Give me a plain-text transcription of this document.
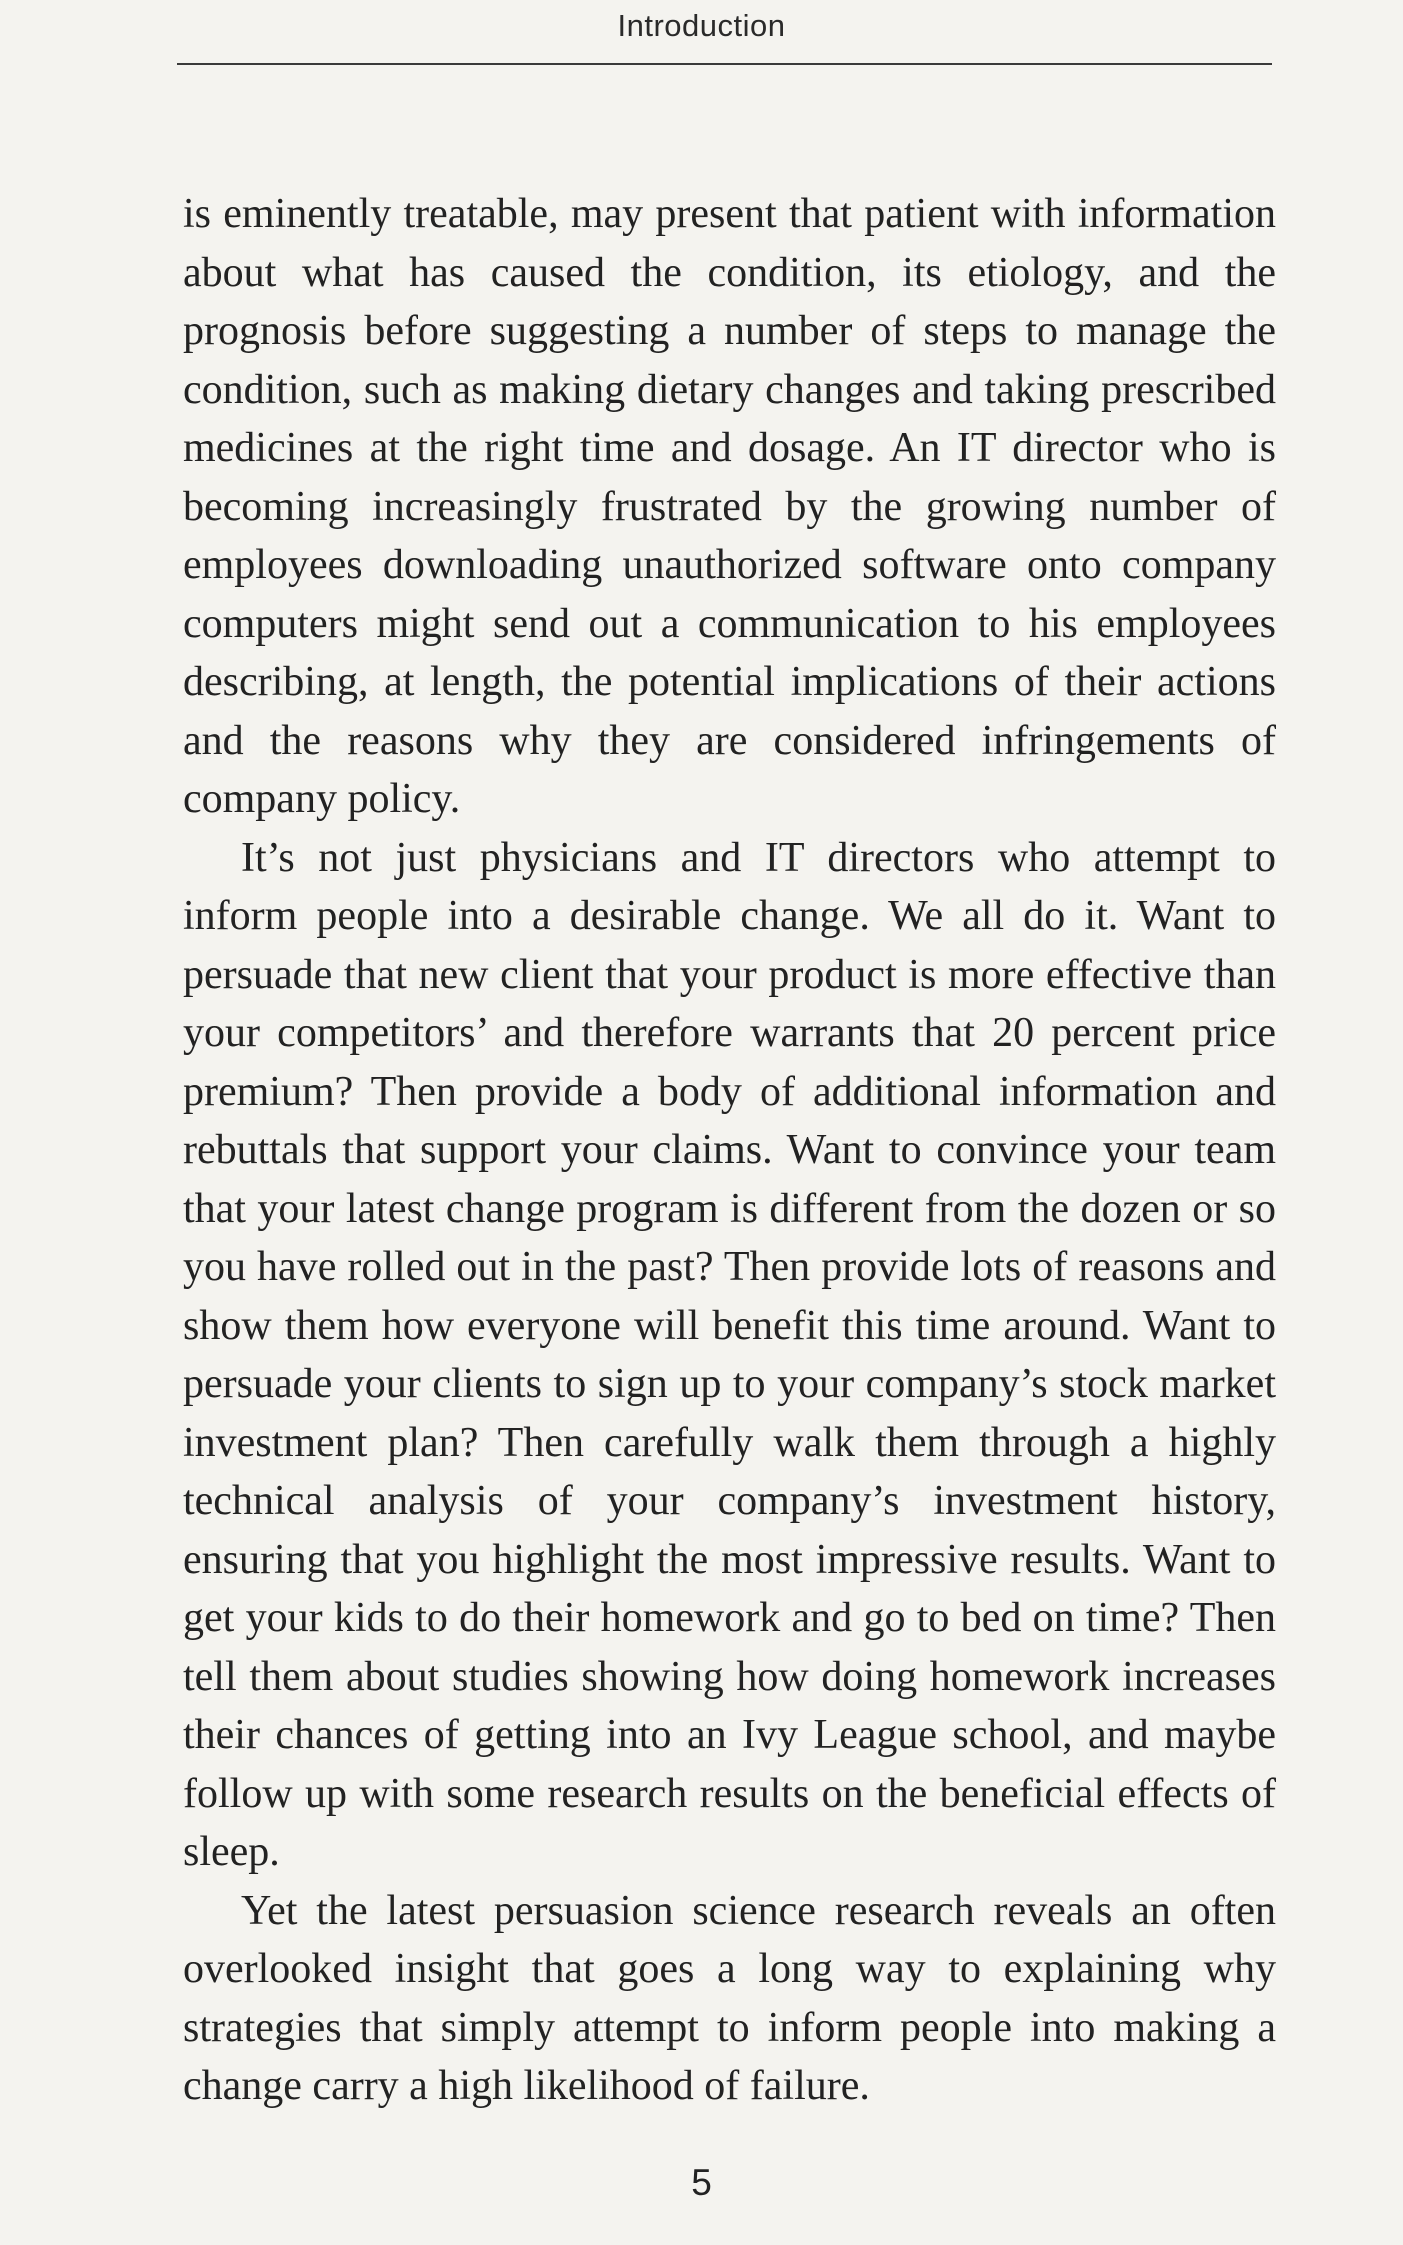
Introduction

is eminently treatable, may present that patient with information about what has caused the condition, its etiology, and the prognosis before suggesting a number of steps to manage the condition, such as making dietary changes and taking prescribed medicines at the right time and dosage. An IT director who is becoming increasingly frustrated by the growing number of employees downloading unauthorized software onto company computers might send out a communication to his employees describing, at length, the potential implications of their actions and the reasons why they are considered infringements of company policy.

It’s not just physicians and IT directors who attempt to inform people into a desirable change. We all do it. Want to persuade that new client that your product is more effective than your competitors’ and therefore warrants that 20 percent price premium? Then provide a body of additional information and rebuttals that support your claims. Want to convince your team that your latest change program is different from the dozen or so you have rolled out in the past? Then provide lots of reasons and show them how everyone will benefit this time around. Want to persuade your clients to sign up to your company’s stock market investment plan? Then carefully walk them through a highly technical analysis of your company’s investment history, ensuring that you highlight the most impressive results. Want to get your kids to do their homework and go to bed on time? Then tell them about studies showing how doing homework increases their chances of getting into an Ivy League school, and maybe follow up with some research results on the beneficial effects of sleep.

Yet the latest persuasion science research reveals an often overlooked insight that goes a long way to explaining why strategies that simply attempt to inform people into making a change carry a high likelihood of failure.

5
